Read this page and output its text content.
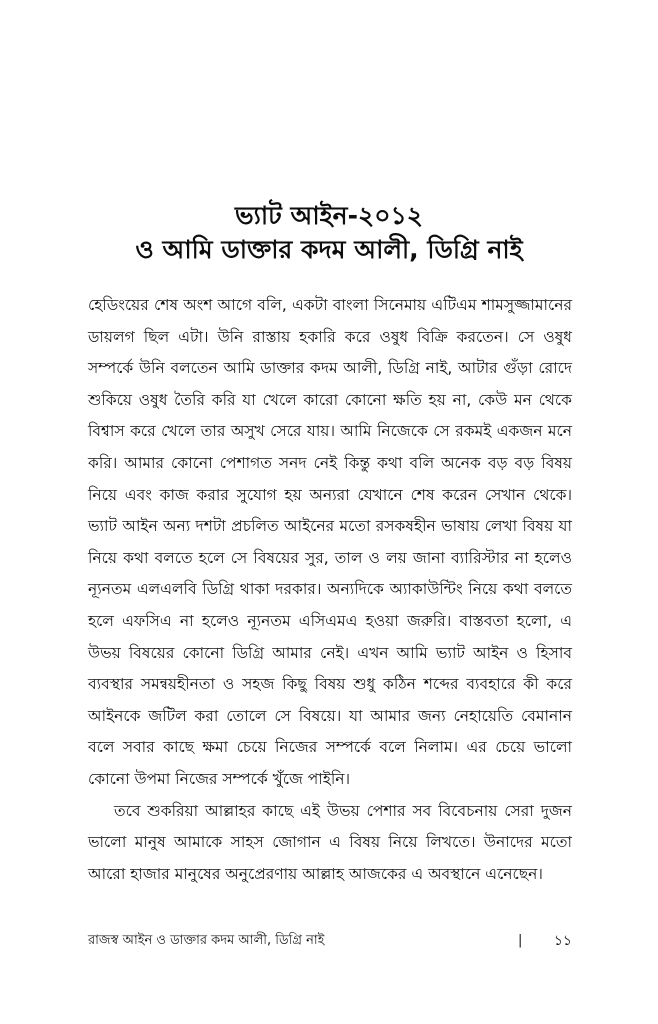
ভ্যাট আইন-২০১২
ও আমি ডাক্তার কদম আলী, ডিগ্রি নাই

হেডিংয়ের শেষ অংশ আগে বলি, একটা বাংলা সিনেমায় এটিএম শামসুজ্জামানের ডায়লগ ছিল এটা। উনি রাস্তায় হকারি করে ওষুধ বিক্রি করতেন। সে ওষুধ সম্পর্কে উনি বলতেন আমি ডাক্তার কদম আলী, ডিগ্রি নাই, আটার গুঁড়া রোদে শুকিয়ে ওষুধ তৈরি করি যা খেলে কারো কোনো ক্ষতি হয় না, কেউ মন থেকে বিশ্বাস করে খেলে তার অসুখ সেরে যায়। আমি নিজেকে সে রকমই একজন মনে করি। আমার কোনো পেশাগত সনদ নেই কিন্তু কথা বলি অনেক বড় বড় বিষয় নিয়ে এবং কাজ করার সুযোগ হয় অন্যরা যেখানে শেষ করেন সেখান থেকে। ভ্যাট আইন অন্য দশটা প্রচলিত আইনের মতো রসকষহীন ভাষায় লেখা বিষয় যা নিয়ে কথা বলতে হলে সে বিষয়ের সুর, তাল ও লয় জানা ব্যারিস্টার না হলেও ন্যূনতম এলএলবি ডিগ্রি থাকা দরকার। অন্যদিকে অ্যাকাউন্টিং নিয়ে কথা বলতে হলে এফসিএ না হলেও ন্যূনতম এসিএমএ হওয়া জরুরি। বাস্তবতা হলো, এ উভয় বিষয়ের কোনো ডিগ্রি আমার নেই। এখন আমি ভ্যাট আইন ও হিসাব ব্যবস্থার সমন্বয়হীনতা ও সহজ কিছু বিষয় শুধু কঠিন শব্দের ব্যবহারে কী করে আইনকে জটিল করা তোলে সে বিষয়ে। যা আমার জন্য নেহায়েতি বেমানান বলে সবার কাছে ক্ষমা চেয়ে নিজের সম্পর্কে বলে নিলাম। এর চেয়ে ভালো কোনো উপমা নিজের সম্পর্কে খুঁজে পাইনি।

তবে শুকরিয়া আল্লাহর কাছে এই উভয় পেশার সব বিবেচনায় সেরা দুজন ভালো মানুষ আমাকে সাহস জোগান এ বিষয় নিয়ে লিখতে। উনাদের মতো আরো হাজার মানুষের অনুপ্রেরণায় আল্লাহ আজকের এ অবস্থানে এনেছেন।

রাজস্ব আইন ও ডাক্তার কদম আলী, ডিগ্রি নাই	| ১১
